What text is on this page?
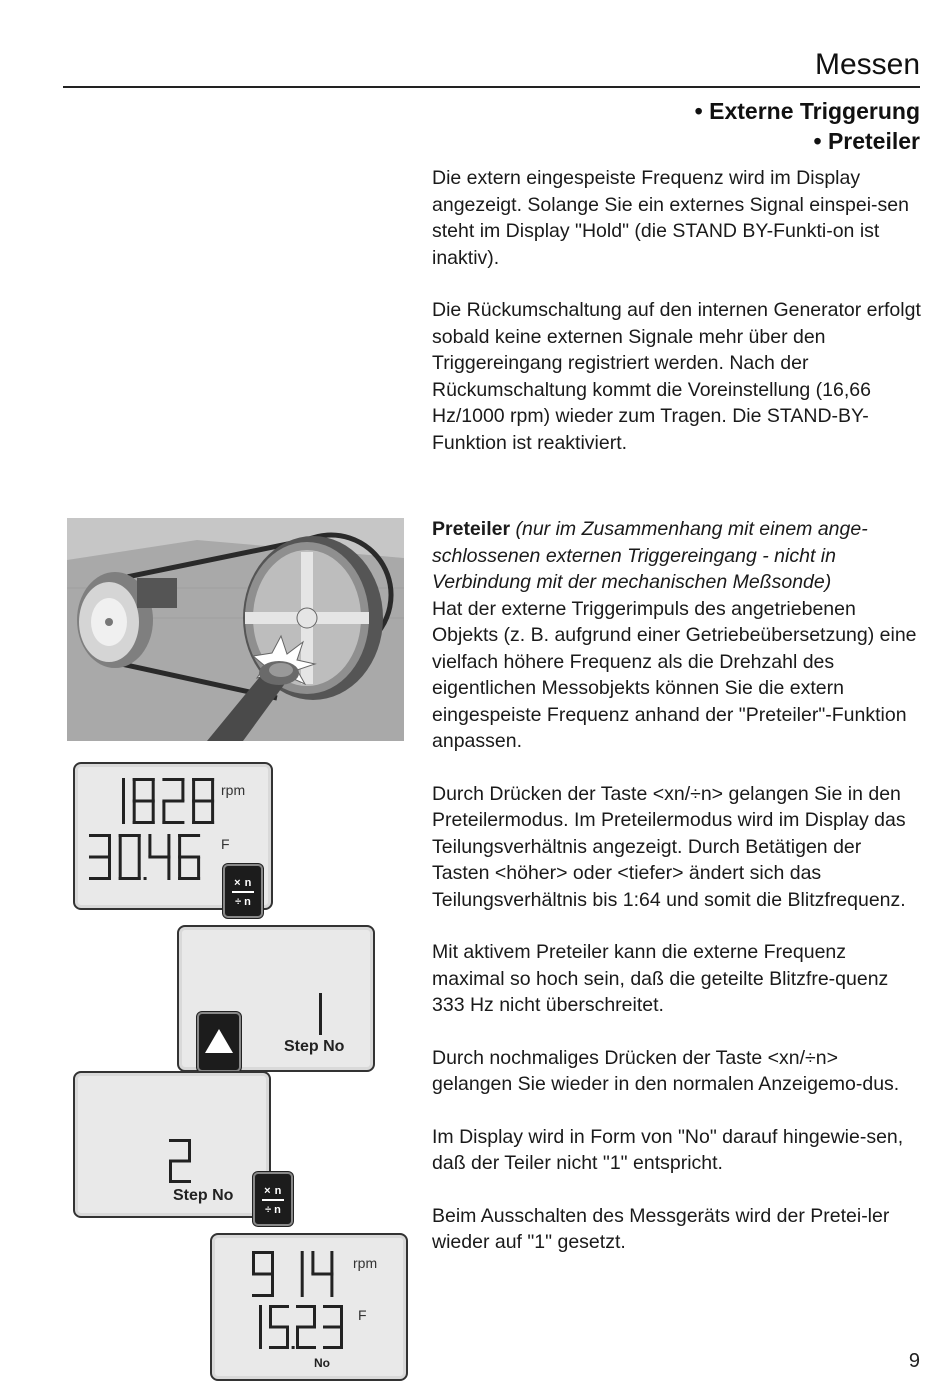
Messen
• Externe Triggerung
• Preteiler

Die extern eingespeiste Frequenz wird im Display angezeigt. Solange Sie ein externes Signal einspei-sen steht im Display "Hold" (die STAND BY-Funkti-on ist inaktiv).

Die Rückumschaltung auf den internen Generator erfolgt sobald keine externen Signale mehr über den Triggereingang registriert werden. Nach der Rückumschaltung kommt die Voreinstellung (16,66 Hz/1000 rpm) wieder zum Tragen. Die STAND-BY-Funktion ist reaktiviert.

Preteiler (nur im Zusammenhang mit einem ange-schlossenen externen Triggereingang - nicht in Verbindung mit der mechanischen Meßsonde)
Hat der externe Triggerimpuls des angetriebenen Objekts (z. B. aufgrund einer Getriebeübersetzung) eine vielfach höhere Frequenz als die Drehzahl des eigentlichen Messobjekts können Sie die extern eingespeiste Frequenz anhand der "Preteiler"-Funktion anpassen.

Durch Drücken der Taste <xn/÷n> gelangen Sie in den Preteilermodus. Im Preteilermodus wird im Display das Teilungsverhältnis angezeigt. Durch Betätigen der Tasten <höher> oder <tiefer> ändert sich das Teilungsverhältnis bis 1:64 und somit die Blitzfrequenz.

Mit aktivem Preteiler kann die externe Frequenz maximal so hoch sein, daß die geteilte Blitzfre-quenz 333 Hz nicht überschreitet.

Durch nochmaliges Drücken der Taste <xn/÷n> gelangen Sie wieder in den normalen Anzeigemo-dus.

Im Display wird in Form von "No" darauf hingewie-sen, daß der Teiler nicht "1" entspricht.

Beim Ausschalten des Messgeräts wird der Pretei-ler wieder auf "1" gesetzt.

rpm
F
× n
÷ n
Step No
Step No	× n
÷ n
rpm
F
No	9
